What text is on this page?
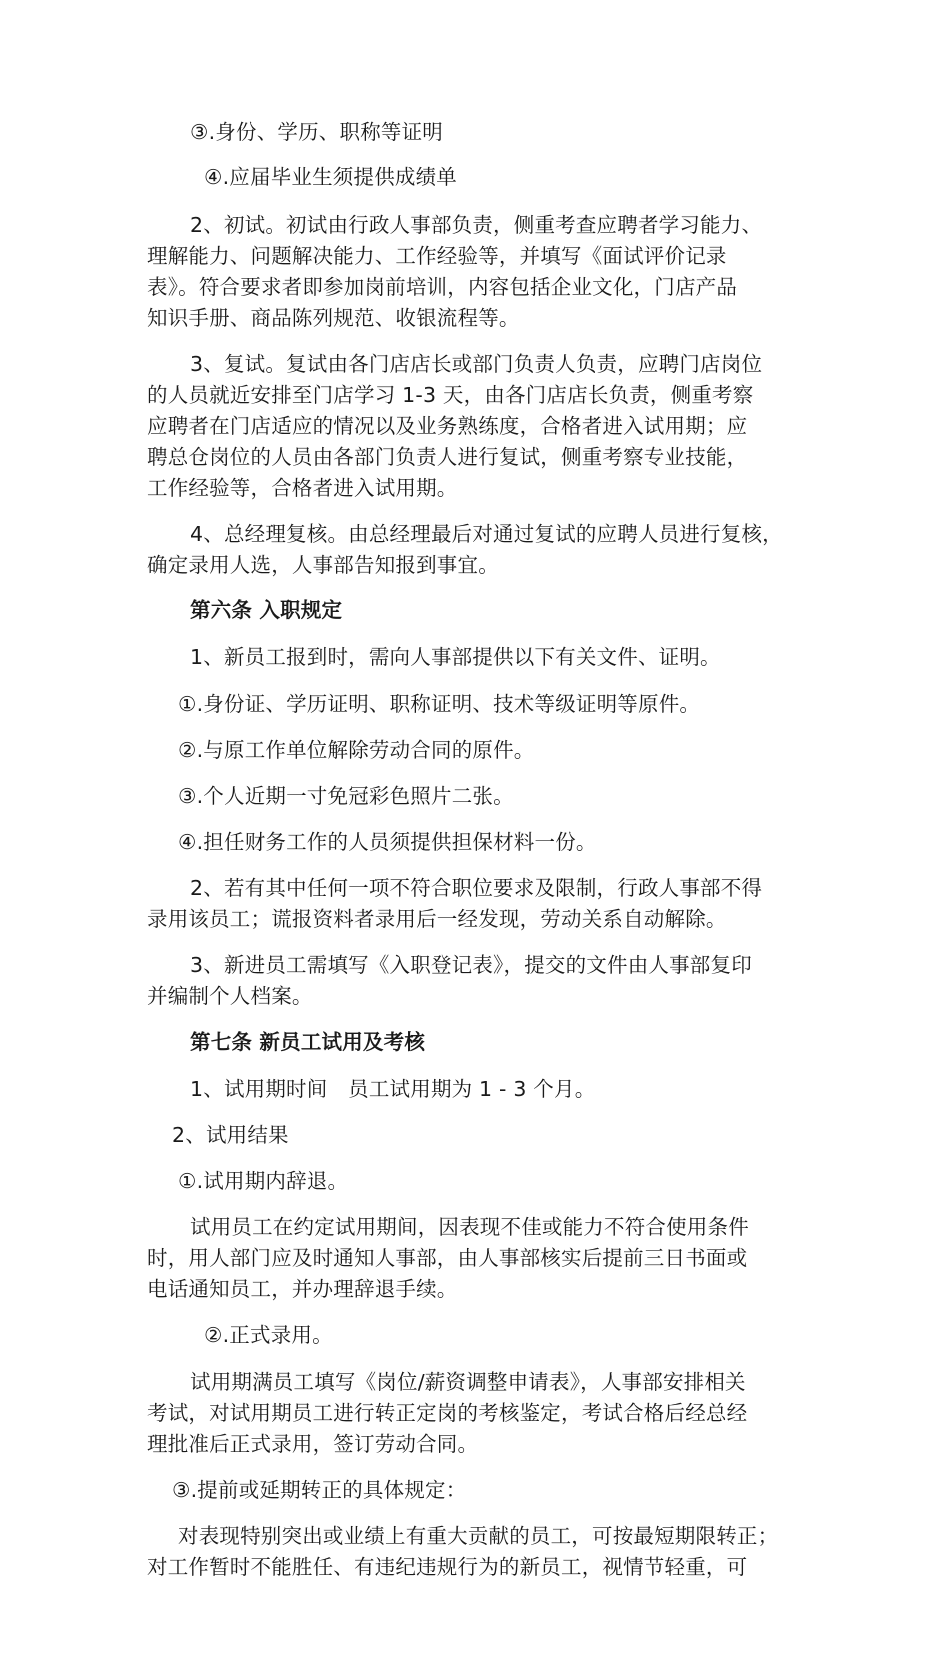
③.身份、学历、职称等证明
④.应届毕业生须提供成绩单
2、初试。初试由行政人事部负责，侧重考查应聘者学习能力、
理解能力、问题解决能力、工作经验等，并填写《面试评价记录
表》。符合要求者即参加岗前培训，内容包括企业文化，门店产品
知识手册、商品陈列规范、收银流程等。
3、复试。复试由各门店店长或部门负责人负责，应聘门店岗位
的人员就近安排至门店学习 1-3 天，由各门店店长负责，侧重考察
应聘者在门店适应的情况以及业务熟练度，合格者进入试用期；应
聘总仓岗位的人员由各部门负责人进行复试，侧重考察专业技能，
工作经验等，合格者进入试用期。
4、总经理复核。由总经理最后对通过复试的应聘人员进行复核，
确定录用人选，人事部告知报到事宜。
第六条 入职规定
1、新员工报到时，需向人事部提供以下有关文件、证明。
①.身份证、学历证明、职称证明、技术等级证明等原件。
②.与原工作单位解除劳动合同的原件。
③.个人近期一寸免冠彩色照片二张。
④.担任财务工作的人员须提供担保材料一份。
2、若有其中任何一项不符合职位要求及限制，行政人事部不得
录用该员工；谎报资料者录用后一经发现，劳动关系自动解除。
3、新进员工需填写《入职登记表》，提交的文件由人事部复印
并编制个人档案。
第七条 新员工试用及考核
1、试用期时间　员工试用期为 1 - 3 个月。
2、试用结果
①.试用期内辞退。
试用员工在约定试用期间，因表现不佳或能力不符合使用条件
时，用人部门应及时通知人事部，由人事部核实后提前三日书面或
电话通知员工，并办理辞退手续。
②.正式录用。
试用期满员工填写《岗位/薪资调整申请表》，人事部安排相关
考试，对试用期员工进行转正定岗的考核鉴定，考试合格后经总经
理批准后正式录用，签订劳动合同。
③.提前或延期转正的具体规定：
对表现特别突出或业绩上有重大贡献的员工，可按最短期限转正；
对工作暂时不能胜任、有违纪违规行为的新员工，视情节轻重，可
